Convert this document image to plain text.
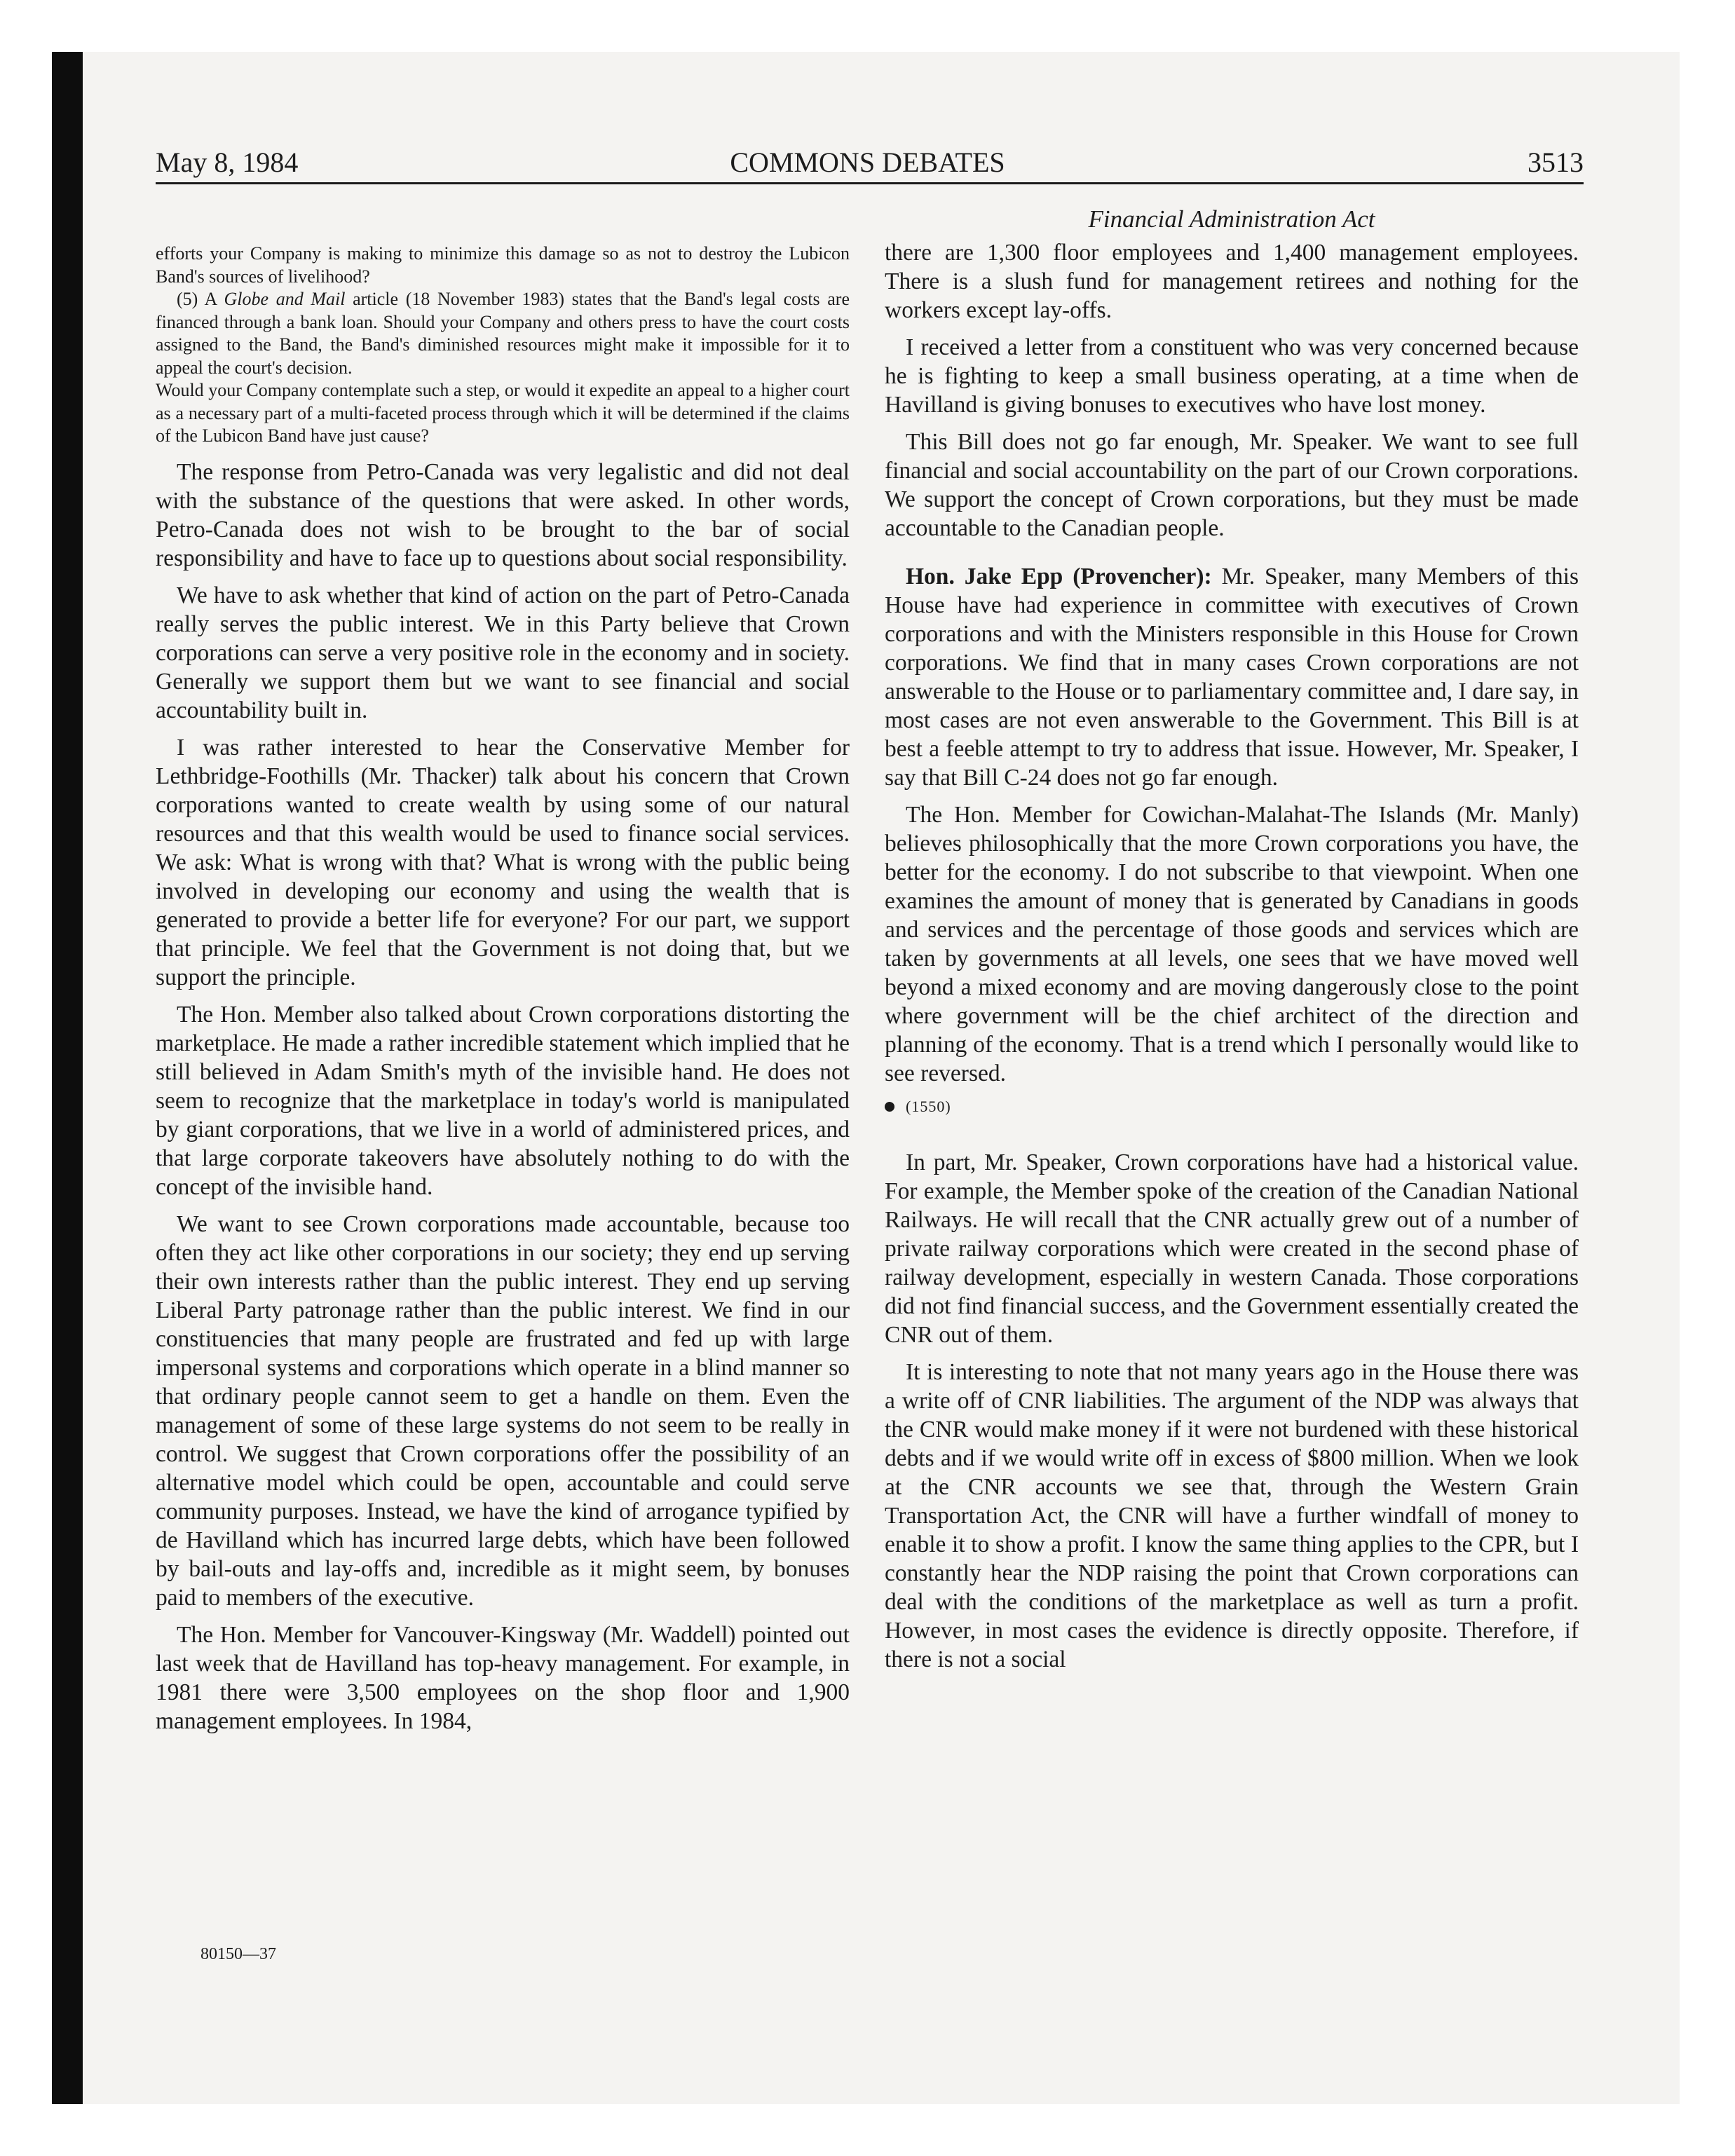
May 8, 1984	COMMONS DEBATES	3513

efforts your Company is making to minimize this damage so as not to destroy the Lubicon Band's sources of livelihood?

(5) A Globe and Mail article (18 November 1983) states that the Band's legal costs are financed through a bank loan. Should your Company and others press to have the court costs assigned to the Band, the Band's diminished resources might make it impossible for it to appeal the court's decision.

Would your Company contemplate such a step, or would it expedite an appeal to a higher court as a necessary part of a multi-faceted process through which it will be determined if the claims of the Lubicon Band have just cause?

The response from Petro-Canada was very legalistic and did not deal with the substance of the questions that were asked. In other words, Petro-Canada does not wish to be brought to the bar of social responsibility and have to face up to questions about social responsibility.

We have to ask whether that kind of action on the part of Petro-Canada really serves the public interest. We in this Party believe that Crown corporations can serve a very positive role in the economy and in society. Generally we support them but we want to see financial and social accountability built in.

I was rather interested to hear the Conservative Member for Lethbridge-Foothills (Mr. Thacker) talk about his concern that Crown corporations wanted to create wealth by using some of our natural resources and that this wealth would be used to finance social services. We ask: What is wrong with that? What is wrong with the public being involved in developing our economy and using the wealth that is generated to provide a better life for everyone? For our part, we support that principle. We feel that the Government is not doing that, but we support the principle.

The Hon. Member also talked about Crown corporations distorting the marketplace. He made a rather incredible statement which implied that he still believed in Adam Smith's myth of the invisible hand. He does not seem to recognize that the marketplace in today's world is manipulated by giant corporations, that we live in a world of administered prices, and that large corporate takeovers have absolutely nothing to do with the concept of the invisible hand.

We want to see Crown corporations made accountable, because too often they act like other corporations in our society; they end up serving their own interests rather than the public interest. They end up serving Liberal Party patronage rather than the public interest. We find in our constituencies that many people are frustrated and fed up with large impersonal systems and corporations which operate in a blind manner so that ordinary people cannot seem to get a handle on them. Even the management of some of these large systems do not seem to be really in control. We suggest that Crown corporations offer the possibility of an alternative model which could be open, accountable and could serve community purposes. Instead, we have the kind of arrogance typified by de Havilland which has incurred large debts, which have been followed by bail-outs and lay-offs and, incredible as it might seem, by bonuses paid to members of the executive.

The Hon. Member for Vancouver-Kingsway (Mr. Waddell) pointed out last week that de Havilland has top-heavy management. For example, in 1981 there were 3,500 employees on the shop floor and 1,900 management employees. In 1984,

Financial Administration Act

there are 1,300 floor employees and 1,400 management employees. There is a slush fund for management retirees and nothing for the workers except lay-offs.

I received a letter from a constituent who was very concerned because he is fighting to keep a small business operating, at a time when de Havilland is giving bonuses to executives who have lost money.

This Bill does not go far enough, Mr. Speaker. We want to see full financial and social accountability on the part of our Crown corporations. We support the concept of Crown corporations, but they must be made accountable to the Canadian people.

Hon. Jake Epp (Provencher): Mr. Speaker, many Members of this House have had experience in committee with executives of Crown corporations and with the Ministers responsible in this House for Crown corporations. We find that in many cases Crown corporations are not answerable to the House or to parliamentary committee and, I dare say, in most cases are not even answerable to the Government. This Bill is at best a feeble attempt to try to address that issue. However, Mr. Speaker, I say that Bill C-24 does not go far enough.

The Hon. Member for Cowichan-Malahat-The Islands (Mr. Manly) believes philosophically that the more Crown corporations you have, the better for the economy. I do not subscribe to that viewpoint. When one examines the amount of money that is generated by Canadians in goods and services and the percentage of those goods and services which are taken by governments at all levels, one sees that we have moved well beyond a mixed economy and are moving dangerously close to the point where government will be the chief architect of the direction and planning of the economy. That is a trend which I personally would like to see reversed.

(1550)

In part, Mr. Speaker, Crown corporations have had a historical value. For example, the Member spoke of the creation of the Canadian National Railways. He will recall that the CNR actually grew out of a number of private railway corporations which were created in the second phase of railway development, especially in western Canada. Those corporations did not find financial success, and the Government essentially created the CNR out of them.

It is interesting to note that not many years ago in the House there was a write off of CNR liabilities. The argument of the NDP was always that the CNR would make money if it were not burdened with these historical debts and if we would write off in excess of $800 million. When we look at the CNR accounts we see that, through the Western Grain Transportation Act, the CNR will have a further windfall of money to enable it to show a profit. I know the same thing applies to the CPR, but I constantly hear the NDP raising the point that Crown corporations can deal with the conditions of the marketplace as well as turn a profit. However, in most cases the evidence is directly opposite. Therefore, if there is not a social

80150—37
